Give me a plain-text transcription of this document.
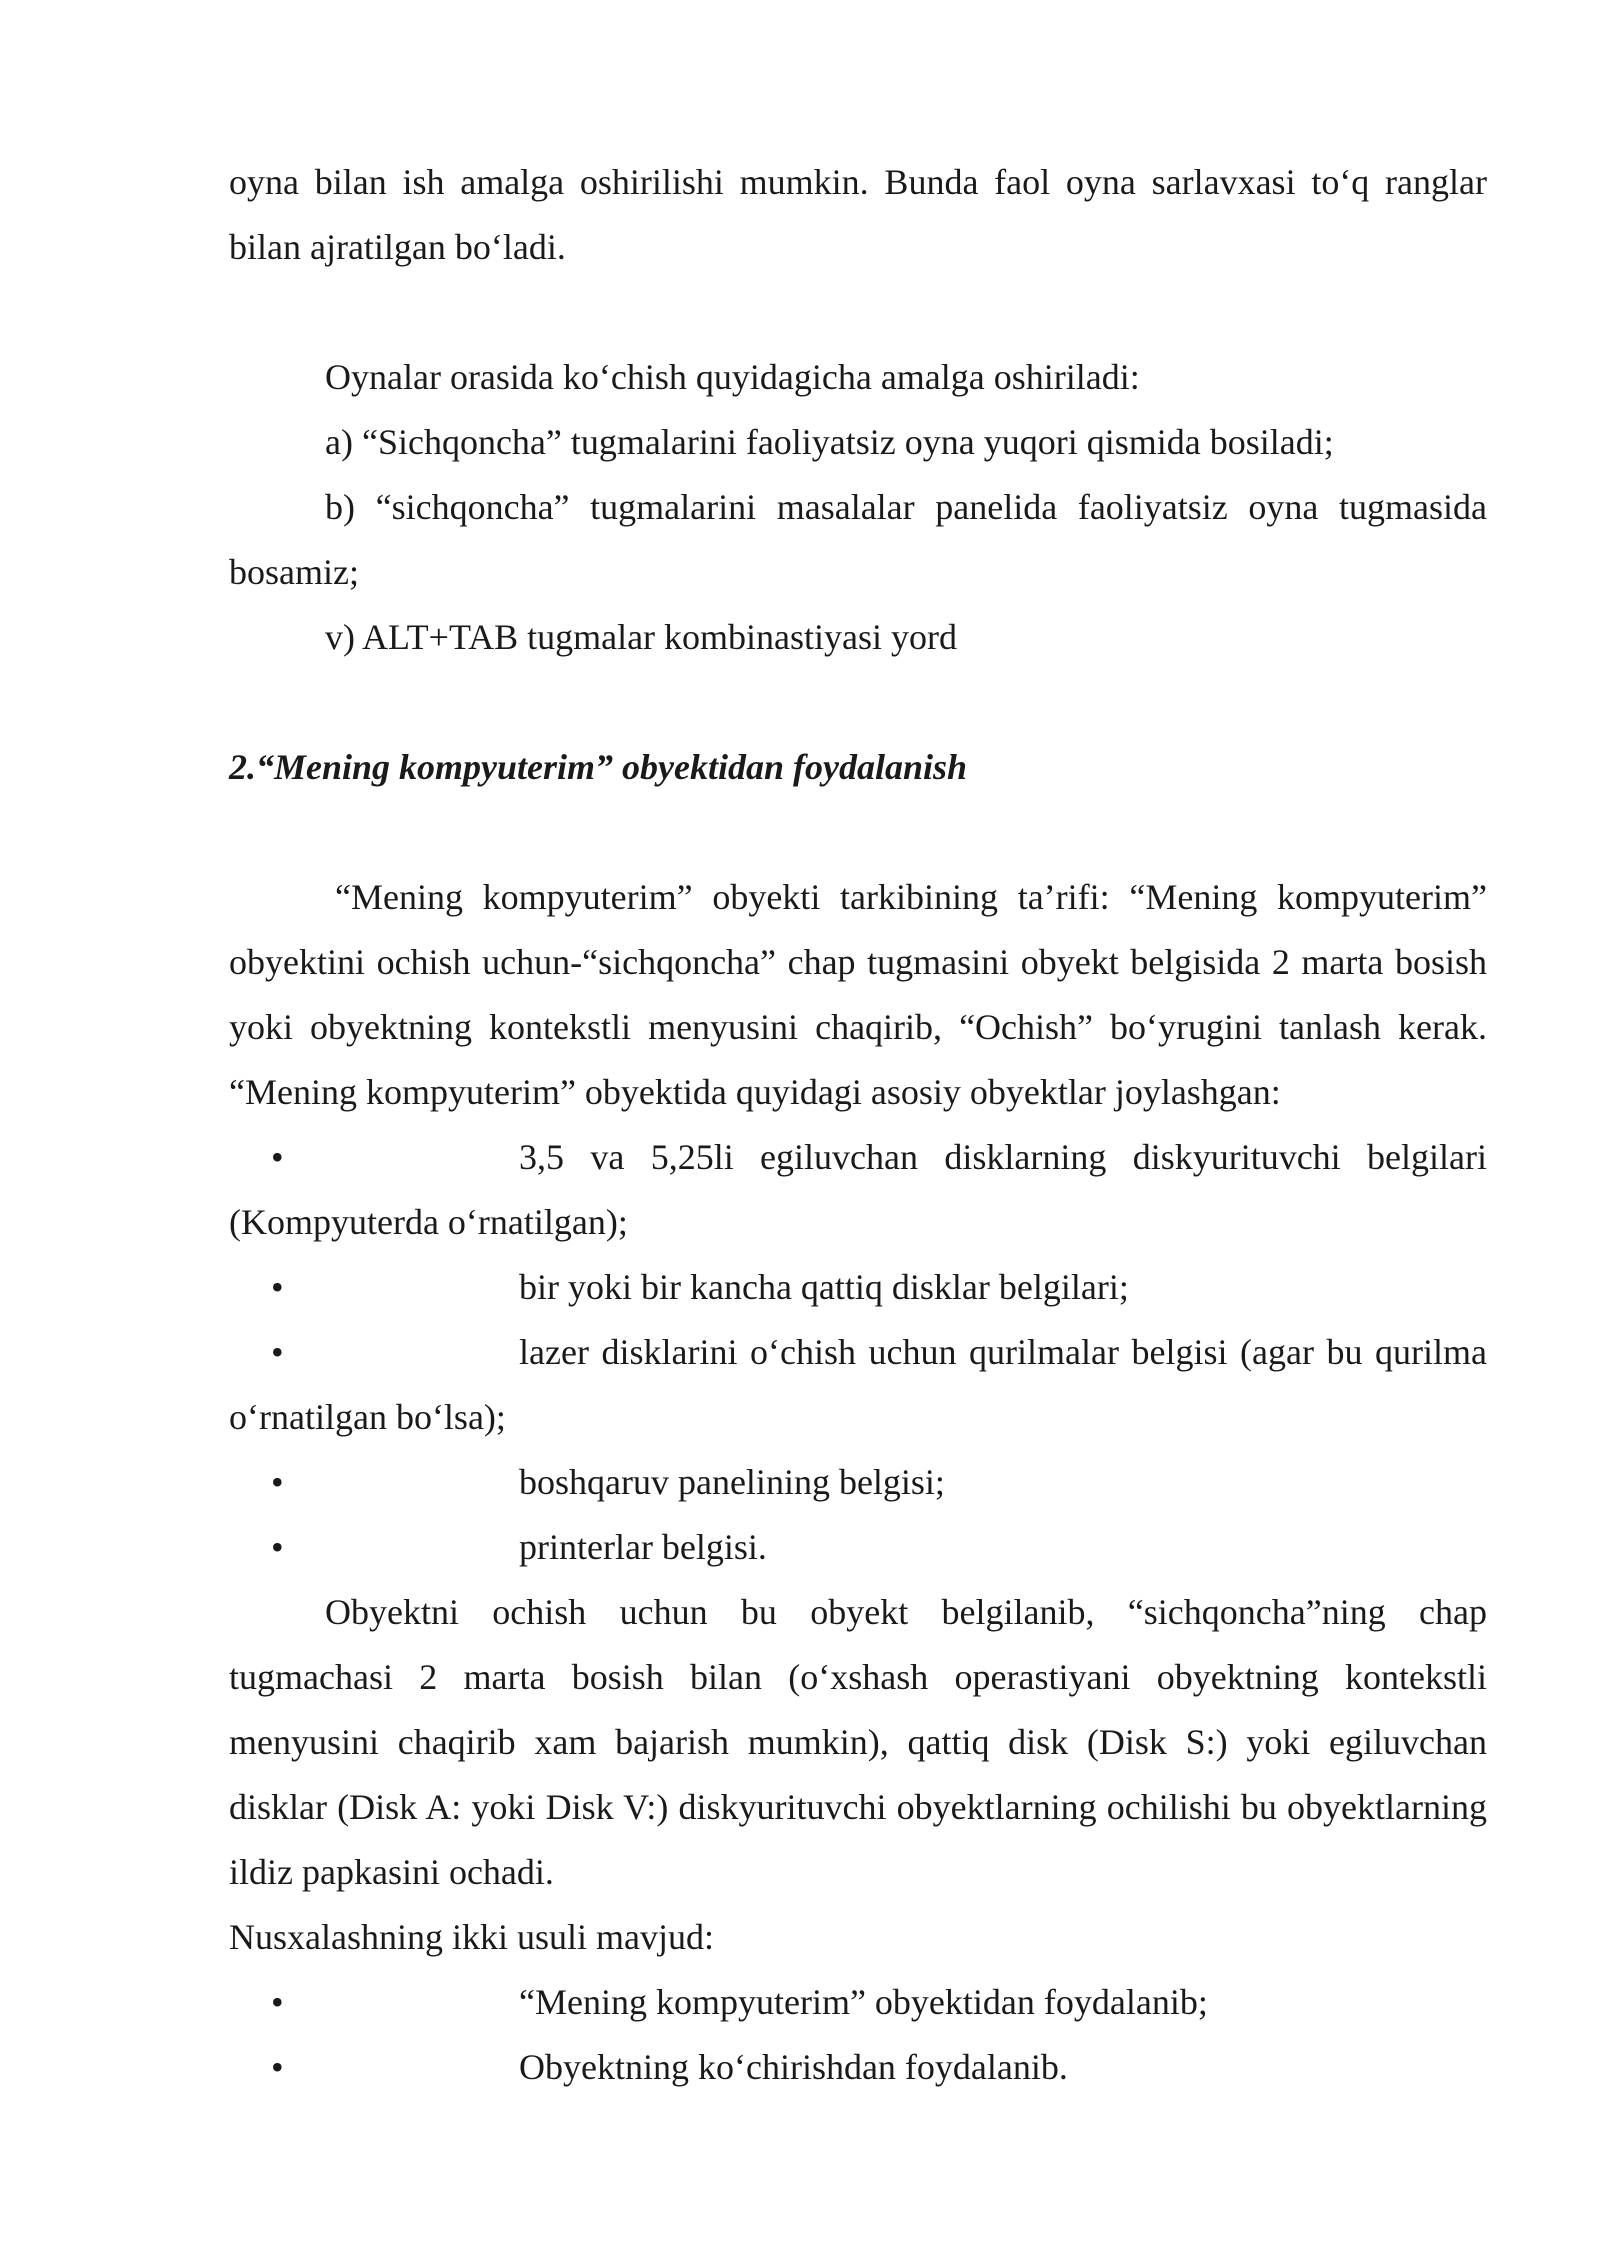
oyna bilan ish amalga oshirilishi mumkin. Bunda faol oyna sarlavxasi to‘q ranglar bilan ajratilgan bo‘ladi.

Oynalar orasida ko‘chish quyidagicha amalga oshiriladi:

a) “Sichqoncha” tugmalarini faoliyatsiz oyna yuqori qismida bosiladi;

b) “sichqoncha” tugmalarini masalalar panelida faoliyatsiz oyna tugmasida bosamiz;

v) ALT+TAB tugmalar kombinastiyasi yord

2.“Mening kompyuterim” obyektidan foydalanish

“Mening kompyuterim” obyekti tarkibining ta’rifi: “Mening kompyuterim” obyektini ochish uchun-“sichqoncha” chap tugmasini obyekt belgisida 2 marta bosish yoki obyektning kontekstli menyusini chaqirib, “Ochish” bo‘yrugini tanlash kerak. “Mening kompyuterim” obyektida quyidagi asosiy obyektlar joylashgan:

•	3,5 va 5,25li egiluvchan disklarning diskyurituvchi belgilari (Kompyuterda o‘rnatilgan);

•	bir yoki bir kancha qattiq disklar belgilari;

•	lazer disklarini o‘chish uchun qurilmalar belgisi (agar bu qurilma o‘rnatilgan bo‘lsa);

•	boshqaruv panelining belgisi;

•	printerlar belgisi.

Obyektni ochish uchun bu obyekt belgilanib, “sichqoncha”ning chap tugmachasi 2 marta bosish bilan (o‘xshash operastiyani obyektning kontekstli menyusini chaqirib xam bajarish mumkin), qattiq disk (Disk S:) yoki egiluvchan disklar (Disk A: yoki Disk V:) diskyurituvchi obyektlarning ochilishi bu obyektlarning ildiz papkasini ochadi.

Nusxalashning ikki usuli mavjud:

•	“Mening kompyuterim” obyektidan foydalanib;

•	Obyektning ko‘chirishdan foydalanib.
